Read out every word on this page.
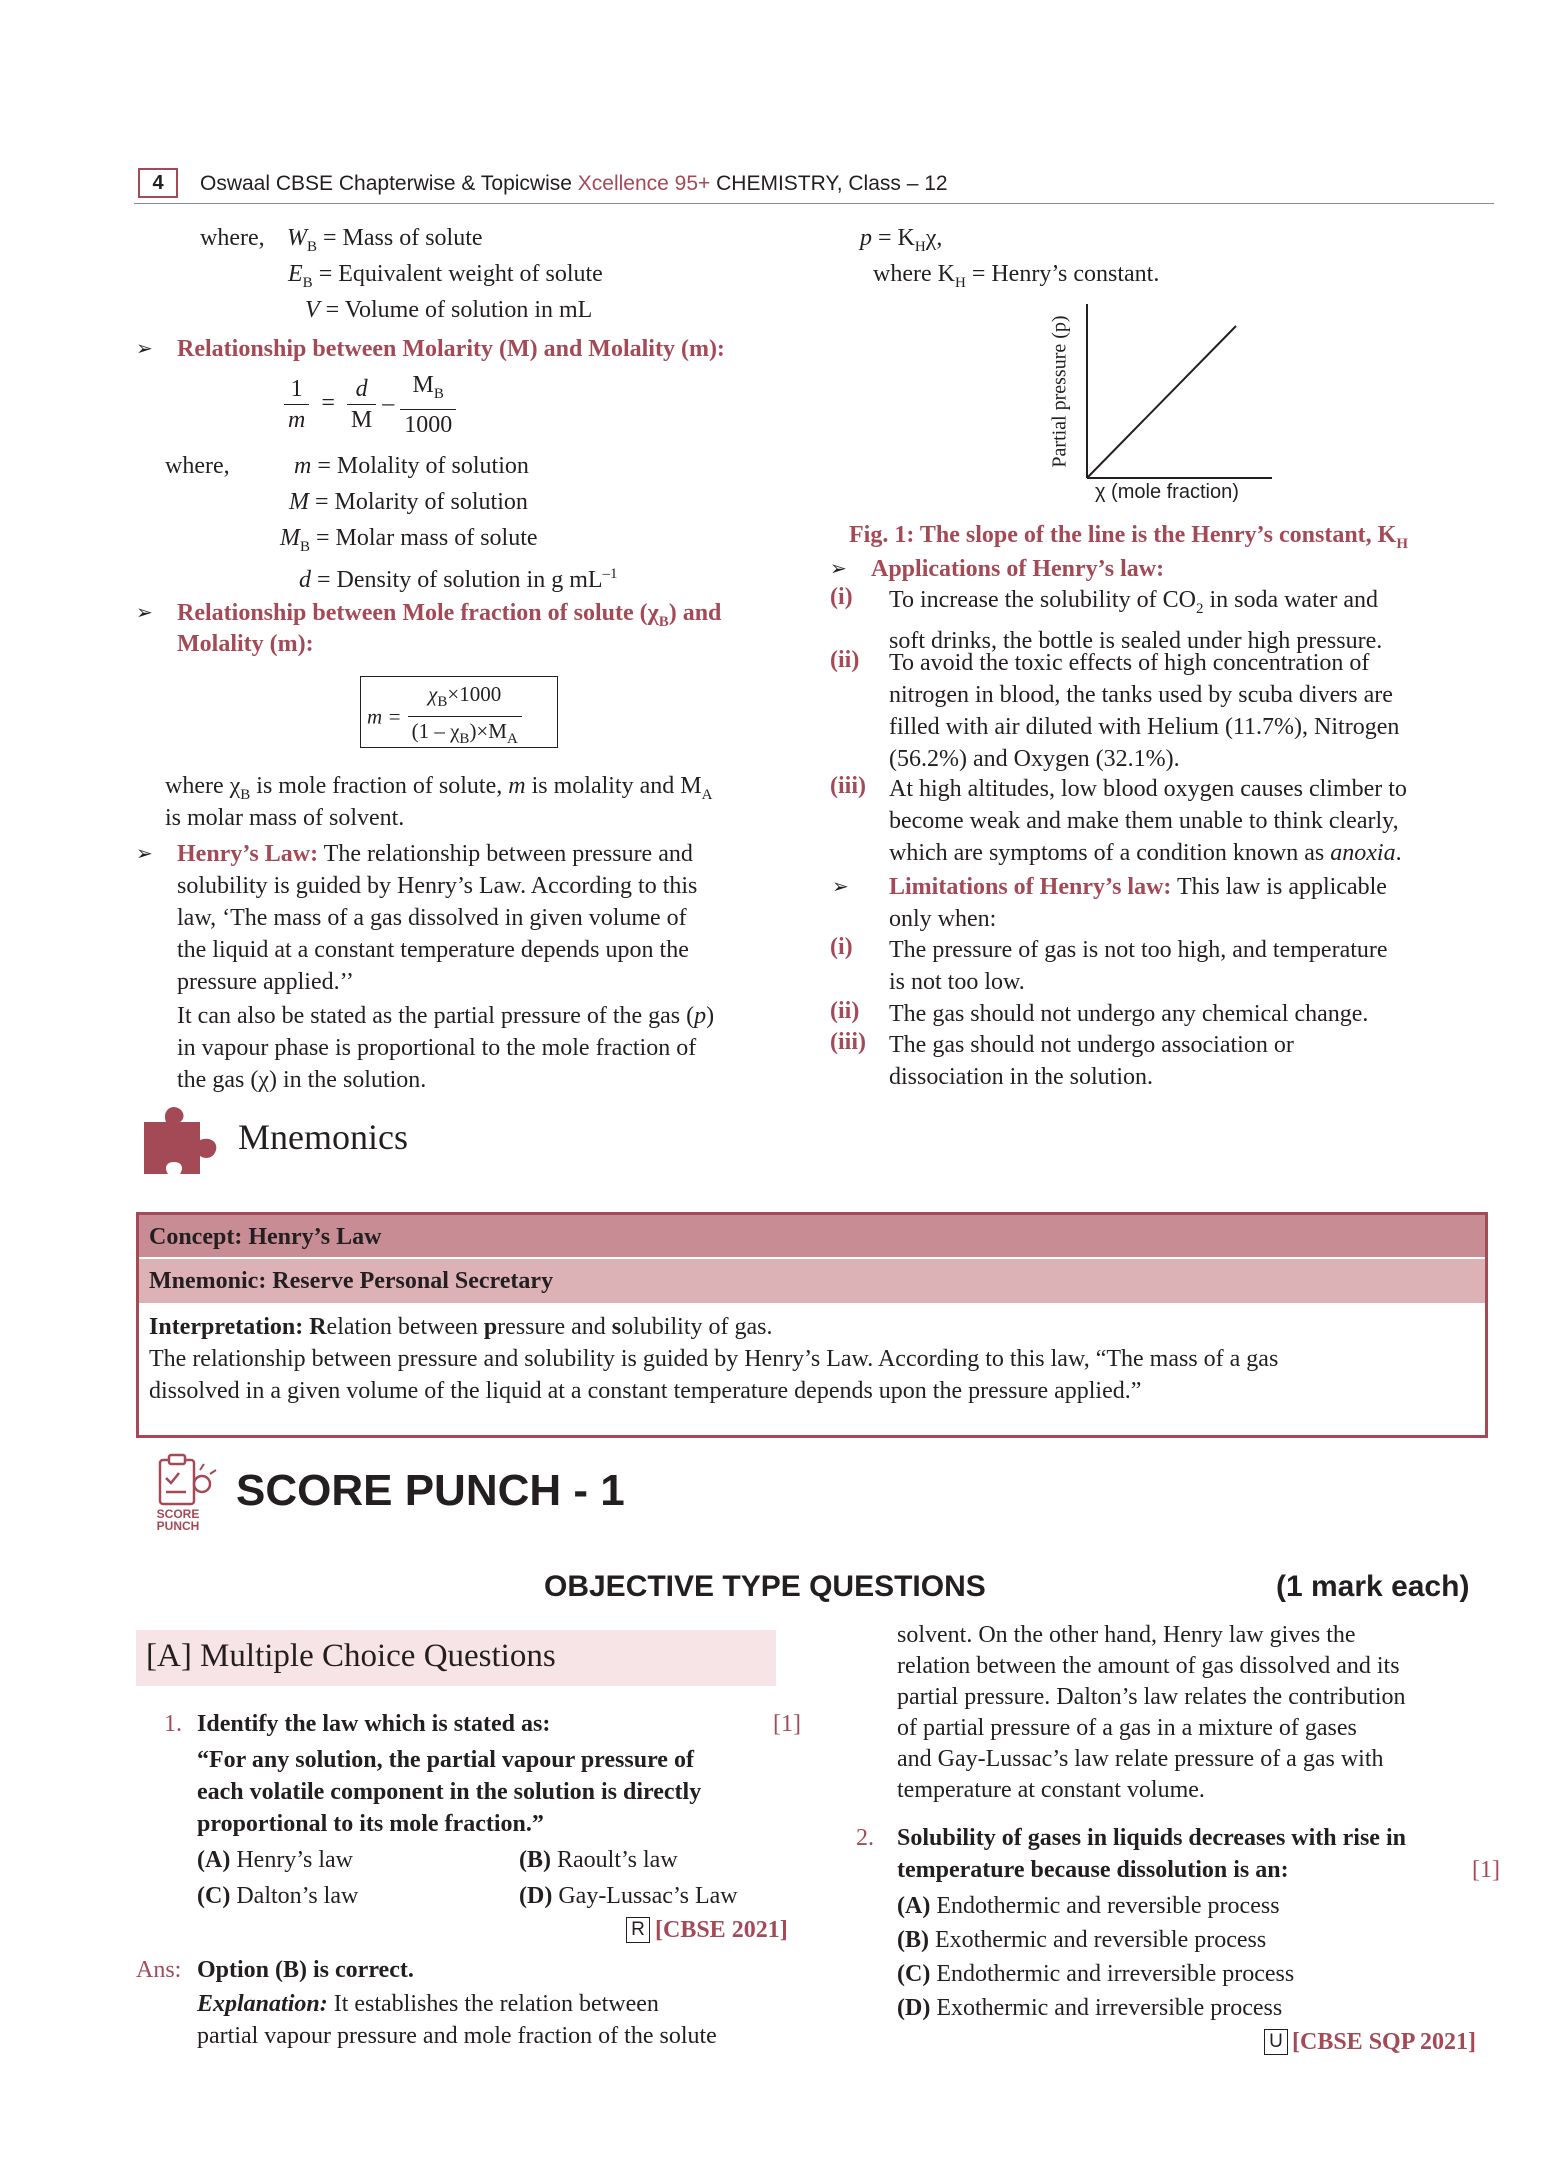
4	Oswaal CBSE Chapterwise & Topicwise Xcellence 95+ CHEMISTRY, Class – 12
where, $W_B$ = Mass of solute
$E_B$ = Equivalent weight of solute
V = Volume of solution in mL
➢ Relationship between Molarity (M) and Molality (m):
$\frac{1}{m} = \frac{d}{M} - \frac{M_B}{1000}$
where,	m = Molality of solution
M = Molarity of solution
$M_B$ = Molar mass of solute
d = Density of solution in g $mL^{-1}$
➢ Relationship between Mole fraction of solute $(\chi_B)$ and
Molality (m):
$m = \frac{\chi_B\times 1000}{(1 - \chi_B)\times M_A}$
where $\chi_B$ is mole fraction of solute, m is molality and $M_A$
is molar mass of solvent.
➢ Henry’s Law: The relationship between pressure and
solubility is guided by Henry’s Law. According to this
law, ‘The mass of a gas dissolved in given volume of
the liquid at a constant temperature depends upon the
pressure applied.’’
It can also be stated as the partial pressure of the gas (p)
in vapour phase is proportional to the mole fraction of
the gas (χ) in the solution.
$p = K_H\chi$,
where $K_H$ = Henry’s constant.
Partial pressure (p)
χ (mole fraction)
Fig. 1: The slope of the line is the Henry’s constant, $K_H$
➢ Applications of Henry’s law:
(i) To increase the solubility of $CO_2$ in soda water and
soft drinks, the bottle is sealed under high pressure.
(ii) To avoid the toxic effects of high concentration of
nitrogen in blood, the tanks used by scuba divers are
filled with air diluted with Helium (11.7%), Nitrogen
(56.2%) and Oxygen (32.1%).
(iii) At high altitudes, low blood oxygen causes climber to
become weak and make them unable to think clearly,
which are symptoms of a condition known as anoxia.
➢ Limitations of Henry’s law: This law is applicable
only when:
(i) The pressure of gas is not too high, and temperature
is not too low.
(ii) The gas should not undergo any chemical change.
(iii) The gas should not undergo association or
dissociation in the solution.
Mnemonics
Concept: Henry’s Law
Mnemonic: Reserve Personal Secretary
Interpretation: Relation between pressure and solubility of gas.
The relationship between pressure and solubility is guided by Henry’s Law. According to this law, “The mass of a gas
dissolved in a given volume of the liquid at a constant temperature depends upon the pressure applied.”
SCORE
PUNCH
SCORE PUNCH - 1
OBJECTIVE TYPE QUESTIONS	(1 mark each)
[A] Multiple Choice Questions
1. Identify the law which is stated as:	[1]
“For any solution, the partial vapour pressure of
each volatile component in the solution is directly
proportional to its mole fraction.”
(A) Henry’s law	(B) Raoult’s law
(C) Dalton’s law	(D) Gay-Lussac’s Law
R [CBSE 2021]
Ans: Option (B) is correct.
Explanation: It establishes the relation between
partial vapour pressure and mole fraction of the solute
solvent. On the other hand, Henry law gives the
relation between the amount of gas dissolved and its
partial pressure. Dalton’s law relates the contribution
of partial pressure of a gas in a mixture of gases
and Gay-Lussac’s law relate pressure of a gas with
temperature at constant volume.
2. Solubility of gases in liquids decreases with rise in
temperature because dissolution is an:	[1]
(A) Endothermic and reversible process
(B) Exothermic and reversible process
(C) Endothermic and irreversible process
(D) Exothermic and irreversible process
U [CBSE SQP 2021]
